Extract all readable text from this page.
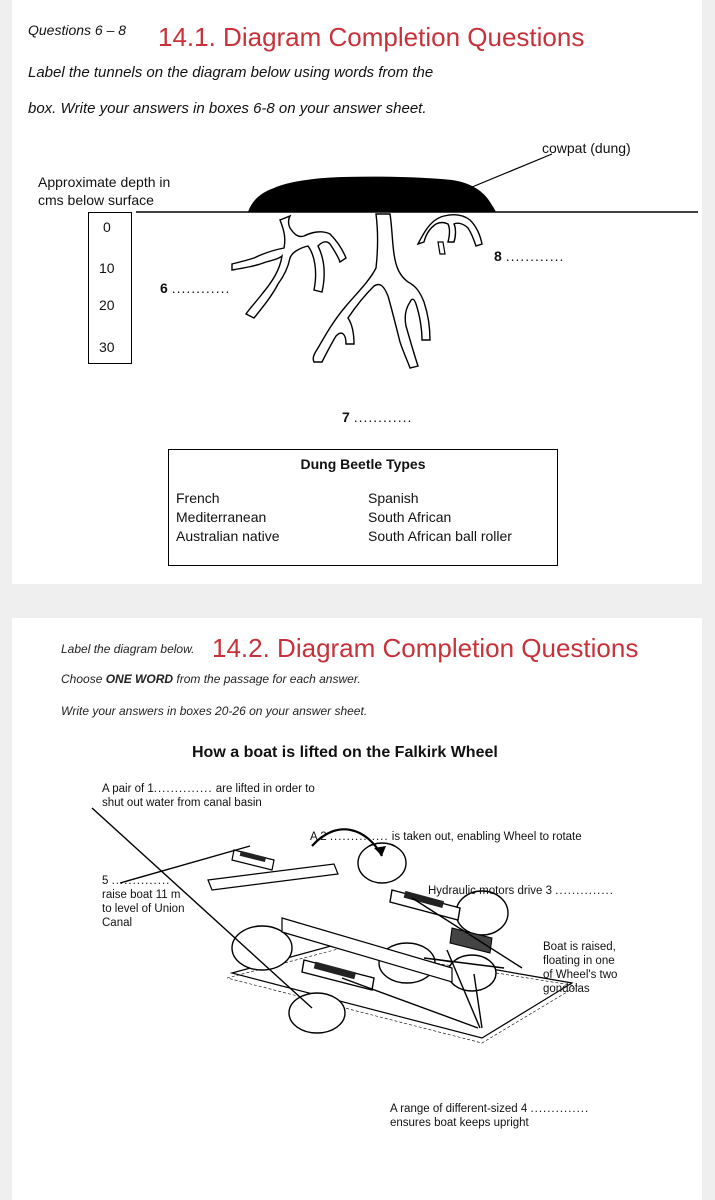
Questions 6 – 8 14.1. Diagram Completion Questions
Label the tunnels on the diagram below using words from the
box. Write your answers in boxes 6-8 on your answer sheet.
cowpat (dung)
Approximate depth in
cms below surface
0
10
20
30
6 ............
8 ............
7 ............
Dung Beetle Types
French
Mediterranean
Australian native
Spanish
South African
South African ball roller
Label the diagram below. 14.2. Diagram Completion Questions
Choose ONE WORD from the passage for each answer.
Write your answers in boxes 20-26 on your answer sheet.
How a boat is lifted on the Falkirk Wheel
A pair of 1.............. are lifted in order to
shut out water from canal basin
A 2 .............. is taken out, enabling Wheel to rotate
Hydraulic motors drive 3 ..............
5 ..............
raise boat 11 m
to level of Union
Canal
Boat is raised,
floating in one
of Wheel's two
gondolas
A range of different-sized 4 ..............
ensures boat keeps upright
